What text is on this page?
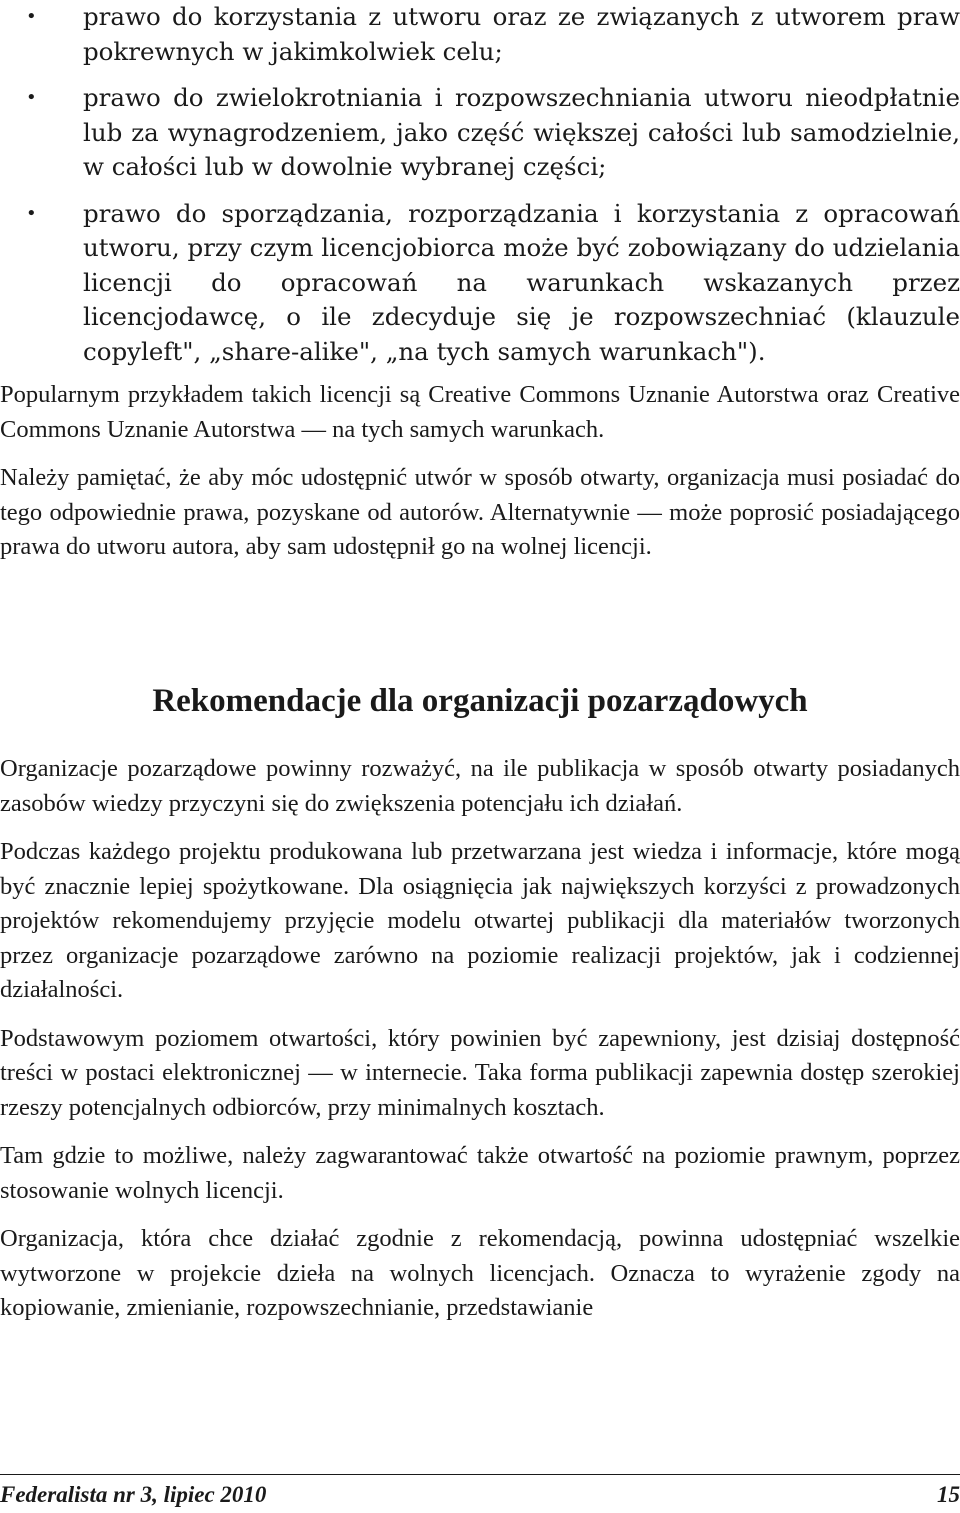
• prawo do korzystania z utworu oraz ze związanych z utworem praw pokrewnych w jakimkolwiek celu;
• prawo do zwielokrotniania i rozpowszechniania utworu nieodpłatnie lub za wynagrodzeniem, jako część większej całości lub samodzielnie, w całości lub w dowolnie wybranej części;
• prawo do sporządzania, rozporządzania i korzystania z opracowań utworu, przy czym licencjobiorca może być zobowiązany do udzielania licencji do opracowań na warunkach wskazanych przez licencjodawcę, o ile zdecyduje się je rozpowszechniać (klauzule copyleft", „share-alike", „na tych samych warunkach").

Popularnym przykładem takich licencji są Creative Commons Uznanie Autorstwa oraz Creative Commons Uznanie Autorstwa — na tych samych warunkach.

Należy pamiętać, że aby móc udostępnić utwór w sposób otwarty, organizacja musi posiadać do tego odpowiednie prawa, pozyskane od autorów. Alternatywnie — może poprosić posiadającego prawa do utworu autora, aby sam udostępnił go na wolnej licencji.

Rekomendacje dla organizacji pozarządowych

Organizacje pozarządowe powinny rozważyć, na ile publikacja w sposób otwarty posiadanych zasobów wiedzy przyczyni się do zwiększenia potencjału ich działań.

Podczas każdego projektu produkowana lub przetwarzana jest wiedza i informacje, które mogą być znacznie lepiej spożytkowane. Dla osiągnięcia jak największych korzyści z prowadzonych projektów rekomendujemy przyjęcie modelu otwartej publikacji dla materiałów tworzonych przez organizacje pozarządowe zarówno na poziomie realizacji projektów, jak i codziennej działalności.

Podstawowym poziomem otwartości, który powinien być zapewniony, jest dzisiaj dostępność treści w postaci elektronicznej — w internecie. Taka forma publikacji zapewnia dostęp szerokiej rzeszy potencjalnych odbiorców, przy minimalnych kosztach.

Tam gdzie to możliwe, należy zagwarantować także otwartość na poziomie prawnym, poprzez stosowanie wolnych licencji.

Organizacja, która chce działać zgodnie z rekomendacją, powinna udostępniać wszelkie wytworzone w projekcie dzieła na wolnych licencjach. Oznacza to wyrażenie zgody na kopiowanie, zmienianie, rozpowszechnianie, przedstawianie

Federalista nr 3, lipiec 2010	15
